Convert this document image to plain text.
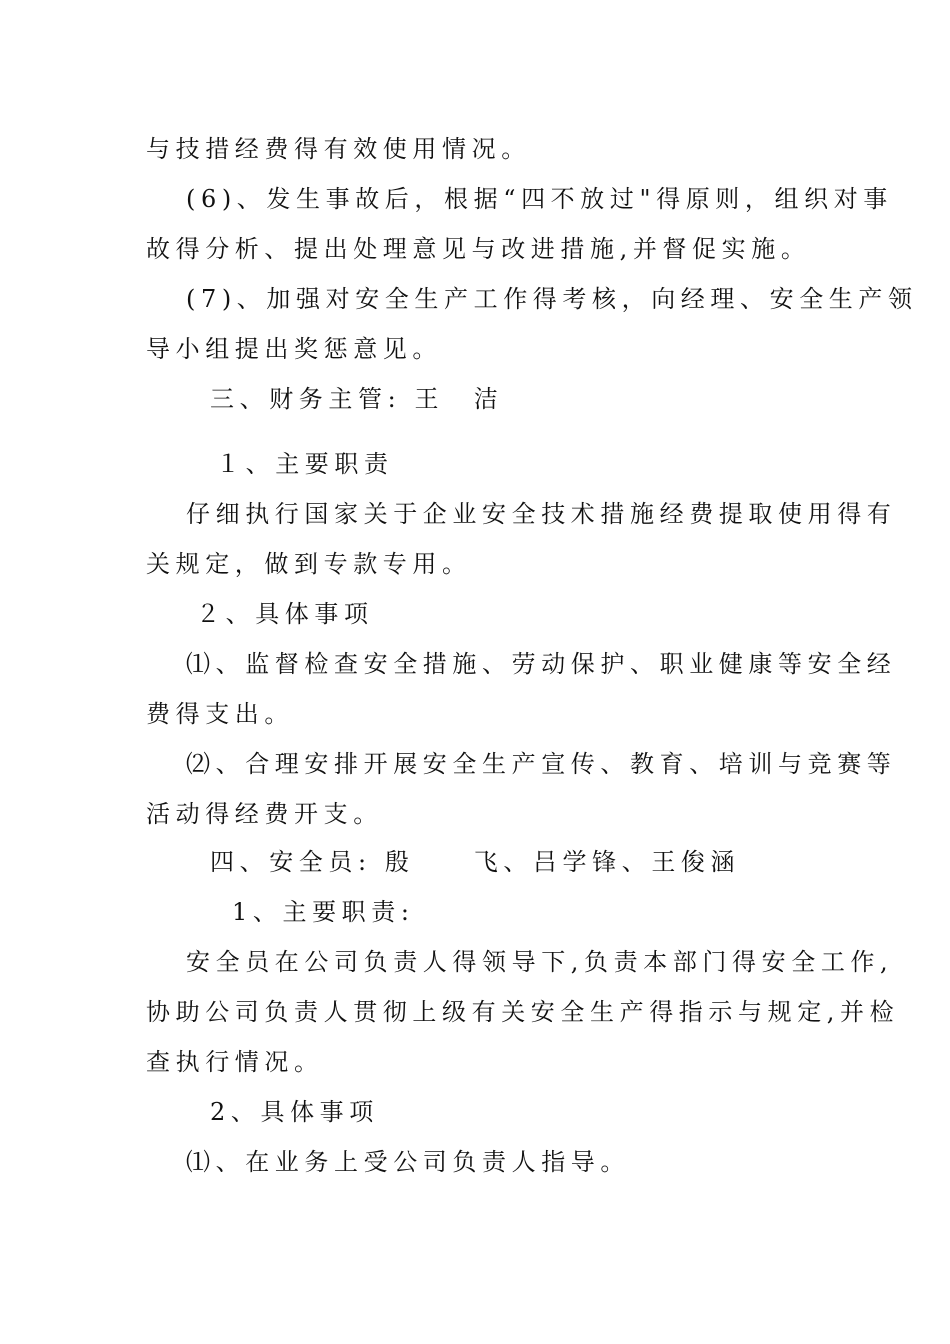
与技措经费得有效使用情况。
(6)、发生事故后，根据“四不放过"得原则，组织对事
故得分析、提出处理意见与改进措施,并督促实施。
(7)、加强对安全生产工作得考核，向经理、安全生产领
导小组提出奖惩意见。
三、财务主管: 王　洁
１、主要职责
仔细执行国家关于企业安全技术措施经费提取使用得有
关规定，做到专款专用。
２、具体事项
⑴、监督检查安全措施、劳动保护、职业健康等安全经
费得支出。
⑵、合理安排开展安全生产宣传、教育、培训与竞赛等
活动得经费开支。
四、安全员: 殷　　飞、吕学锋、王俊涵
1、主要职责:
安全员在公司负责人得领导下,负责本部门得安全工作,
协助公司负责人贯彻上级有关安全生产得指示与规定,并检
查执行情况。
2、具体事项
⑴、在业务上受公司负责人指导。
